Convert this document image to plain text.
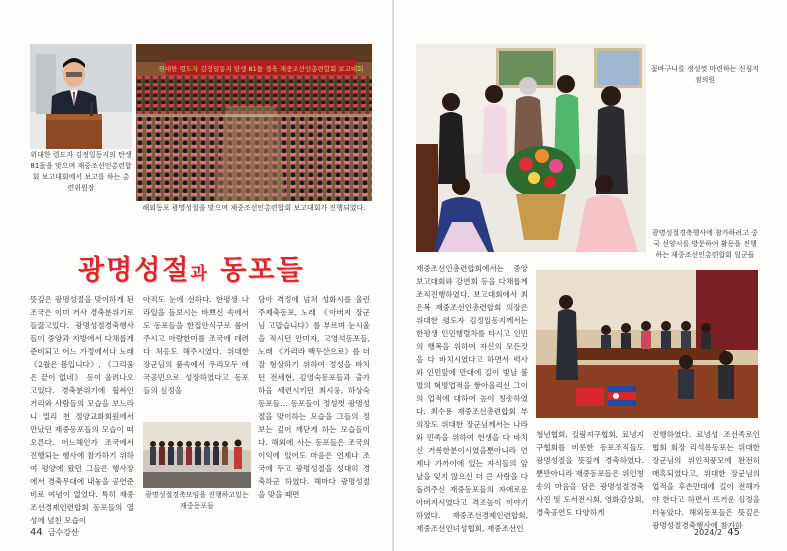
위대한 령도자 김정일동지의 탄생 81돐을 맞으며 재중조선인총련합회 보고대회에서 보고를 하는 총련위원장
위대한 령도자 김정일동지 탄생 81돐 경축 재중조선인총련합회 보고대회
해외동포 광명성절을 맞으며 재중조선인총련합회 보고대회가 진행되였다.
광명성절과 동포들
뜻깊은 광명성절을 맞이하게 된 조국은 이미 거사 경축분위기로 들끓고있다. 광명성절경축행사들이 중앙과 지방에서 다채롭게 준비되고 어느 가정에서나 노래 《2월은 봄입니다》, 《그리움은 끝이 없네》 등이 울려나오고있다. 경축분위기에 휩싸인 거리와 사람들의 모습을 보느라니 멀리 천 정양교화회원에서 만났던 재중동포들의 모습이 떠오른다. 어느해인가 조국에서 진행되는 행사에 참가하기 위하여 평양에 왔던 그들은 행사장에서 경축무대에 내놓을 공연준비로 여념이 없었다. 특히 재중조선경제인련합회 동포들의 열성에 넘친 모습이
아직도 눈에 선하다. 한평생 나라일을 돌보시는 바쁘신 속에서도 동포들을 한집안식구로 품어주시고 아량한미를 조국에 데려다 처옹도 해주시였다. 위대한 장군님의 품속에서 우리모두 애국공민으로 성장하였다고 동포들의 심정을
담아 격정에 넘쳐 성화시를 울린 주제축동포, 노래 《아버지 장군님 고맙습니다》를 부르며 눈시울을 적시던 안미자, 고영석동포들, 노래 《가리라 백두산으로》를 더 잘 형상하기 위하여 정성을 바치던 전세현, 김영숙동포들과 출가하을 세련시키던 최시웅, 하상숙동포들… 동포들이 정성껏 광명성절을 맞이하는 모습을 그들의 정보는 깊이 깨닫게 하는 모습들이다. 해외에 사는 동포들은 조국의 이익에 있어도 마음은 언제나 조국에 두고 광명성절을 성대히 경축하군 하였다. 해마다 광명성절을 맞을 때면
광명성절경축모임을 진행하고있는 재중동포들
44 금수강산
꽃바구니를 정성껏 마련하는 신심지점의원
광명성절경축행사에 참가하려고 중국 선양시를 방문하여 활동을 진행하는 재중조선인총련합회 일군들
재중조선인총련합회에서는 중앙보고대회와 강연회 등을 다채롭게 조직진행하였다. 보고대회에서 최은복 재중조선인총련합회 의장은 위대한 령도자 김정일동지께서는 한평생 인민행렬차를 타시고 인민의 행복을 위하여 자신의 모든것을 다 바치시였다고 하면서 력사와 인민앞에 만대에 길이 빛날 불멸의 혁명업적을 쌓아올리신 그이의 업적에 대하여 높이 칭송하였다. 최수용 재중조선총련합회 부의장도 위대한 장군님께서는 나라와 민족을 위하여 헌생을 다 바치신 거룩한분이시였을뿐아니라 언제나 가까이에 있는 자식들의 앞날을 잊지 않으신 더 큰 사랑을 다 돌려주신 재중동포들의 자애로운 아버지시였다고 격조높이 이야기하였다. 재중조선경제인련합회, 재중조선인녀성협회, 재중조선인
청년협회, 길림지구협회, 료녕지구협회를 비롯한 동포조직들도 광명성절을 뜻깊게 경축하였다. 뿐만아니라 재중동포들은 위인칭송의 마음을 담은 광명성절경축 사진 및 도서전시회, 영화감상회, 경축공연도 다양하게
진행하였다. 료녕성 조선족로인협회 회장 리석록동포는 위대한 장군님의 위인적풍모에 완전히 매혹되였다고, 위대한 장군님의 업적을 후손만대에 길이 전해가야 한다고 하면서 뜨거운 심정을 터놓았다. 해외동포들은 뜻깊은 광명성절경축행사에 참가하
2024/2 45
